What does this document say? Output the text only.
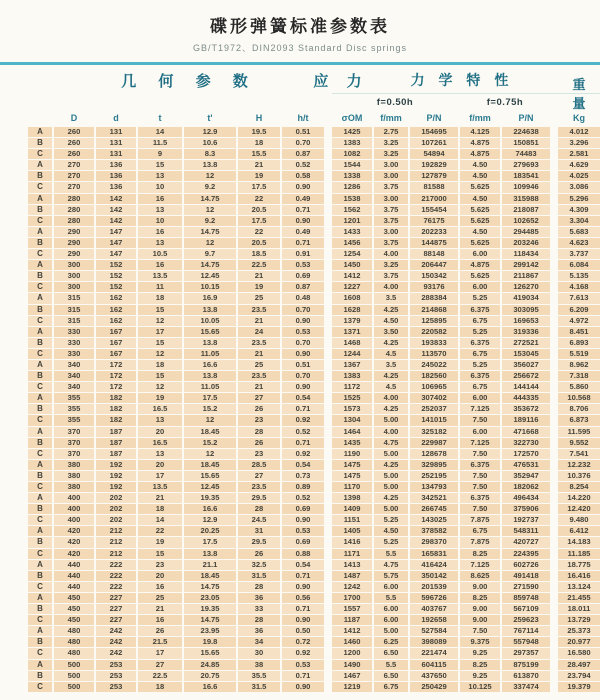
碟形弹簧标准参数表
GB/T1972、DIN2093 Standard Disc springs
几 何 参 数	应 力	力 学 特 性	重
f=0.50h	f=0.75h	量
D	d	t	t'	H	h/t	σOM	f/mm	P/N	f/mm	P/N	Kg
A	260	131	14	12.9	19.5	0.51	1425	2.75	154695	4.125	224638	4.012
B	260	131	11.5	10.6	18	0.70	1383	3.25	107261	4.875	150851	3.296
C	260	131	9	8.3	15.5	0.87	1082	3.25	54894	4.875	74483	2.581
A	270	136	15	13.8	21	0.52	1544	3.00	192829	4.50	279693	4.629
B	270	136	13	12	19	0.58	1338	3.00	127879	4.50	183541	4.025
C	270	136	10	9.2	17.5	0.90	1286	3.75	81588	5.625	109946	3.086
A	280	142	16	14.75	22	0.49	1538	3.00	217000	4.50	315988	5.296
B	280	142	13	12	20.5	0.71	1562	3.75	155454	5.625	218087	4.309
C	280	142	10	9.2	17.5	0.90	1201	3.75	76175	5.625	102652	3.304
A	290	147	16	14.75	22	0.49	1433	3.00	202233	4.50	294485	5.683
B	290	147	13	12	20.5	0.71	1456	3.75	144875	5.625	203246	4.623
C	290	147	10.5	9.7	18.5	0.91	1254	4.00	88148	6.00	118434	3.737
A	300	152	16	14.75	22.5	0.53	1450	3.25	206447	4.875	299142	6.084
B	300	152	13.5	12.45	21	0.69	1412	3.75	150342	5.625	211867	5.135
C	300	152	11	10.15	19	0.87	1227	4.00	93176	6.00	126270	4.168
A	315	162	18	16.9	25	0.48	1608	3.5	288384	5.25	419034	7.613
B	315	162	15	13.8	23.5	0.70	1628	4.25	214868	6.375	303095	6.209
C	315	162	12	10.05	21	0.90	1379	4.50	125895	6.75	169653	4.972
A	330	167	17	15.65	24	0.53	1371	3.50	220582	5.25	319336	8.451
B	330	167	15	13.8	23.5	0.70	1468	4.25	193833	6.375	272521	6.893
C	330	167	12	11.05	21	0.90	1244	4.5	113570	6.75	153045	5.519
A	340	172	18	16.6	25	0.51	1367	3.5	245022	5.25	356027	8.962
B	340	172	15	13.8	23.5	0.70	1383	4.25	182560	6.375	256672	7.318
C	340	172	12	11.05	21	0.90	1172	4.5	106965	6.75	144144	5.860
A	355	182	19	17.5	27	0.54	1525	4.00	307402	6.00	444335	10.568
B	355	182	16.5	15.2	26	0.71	1573	4.25	252037	7.125	353672	8.706
C	355	182	13	12	23	0.92	1304	5.00	141015	7.50	189116	6.873
A	370	187	20	18.45	28	0.52	1464	4.00	325182	6.00	471668	11.595
B	370	187	16.5	15.2	26	0.71	1435	4.75	229987	7.125	322730	9.552
C	370	187	13	12	23	0.92	1190	5.00	128678	7.50	172570	7.541
A	380	192	20	18.45	28.5	0.54	1475	4.25	329895	6.375	476531	12.232
B	380	192	17	15.65	27	0.73	1475	5.00	252195	7.50	352947	10.376
C	380	192	13.5	12.45	23.5	0.89	1170	5.00	134793	7.50	182062	8.254
A	400	202	21	19.35	29.5	0.52	1398	4.25	342521	6.375	496434	14.220
B	400	202	18	16.6	28	0.69	1409	5.00	266745	7.50	375906	12.420
C	400	202	14	12.9	24.5	0.90	1151	5.25	143025	7.875	192737	9.480
A	420	212	22	20.25	31	0.53	1405	4.50	378582	6.75	548311	6.412
B	420	212	19	17.5	29.5	0.69	1416	5.25	298370	7.875	420727	14.183
C	420	212	15	13.8	26	0.88	1171	5.5	165831	8.25	224395	11.185
A	440	222	23	21.1	32.5	0.54	1413	4.75	416424	7.125	602726	18.775
B	440	222	20	18.45	31.5	0.71	1487	5.75	350142	8.625	491418	16.416
C	440	222	16	14.75	28	0.90	1242	6.00	201539	9.00	271590	13.124
A	450	227	25	23.05	36	0.56	1700	5.5	596726	8.25	859748	21.455
B	450	227	21	19.35	33	0.71	1557	6.00	403767	9.00	567109	18.011
C	450	227	16	14.75	28	0.90	1187	6.00	192658	9.00	259623	13.729
A	480	242	26	23.95	36	0.50	1412	5.00	527584	7.50	767114	25.373
B	480	242	21.5	19.8	34	0.72	1460	6.25	398089	9.375	557948	20.977
C	480	242	17	15.65	30	0.92	1200	6.50	221474	9.25	297357	16.580
A	500	253	27	24.85	38	0.53	1490	5.5	604115	8.25	875199	28.497
B	500	253	22.5	20.75	35.5	0.71	1467	6.50	437650	9.25	613870	23.794
C	500	253	18	16.6	31.5	0.90	1219	6.75	250429	10.125	337474	19.379
